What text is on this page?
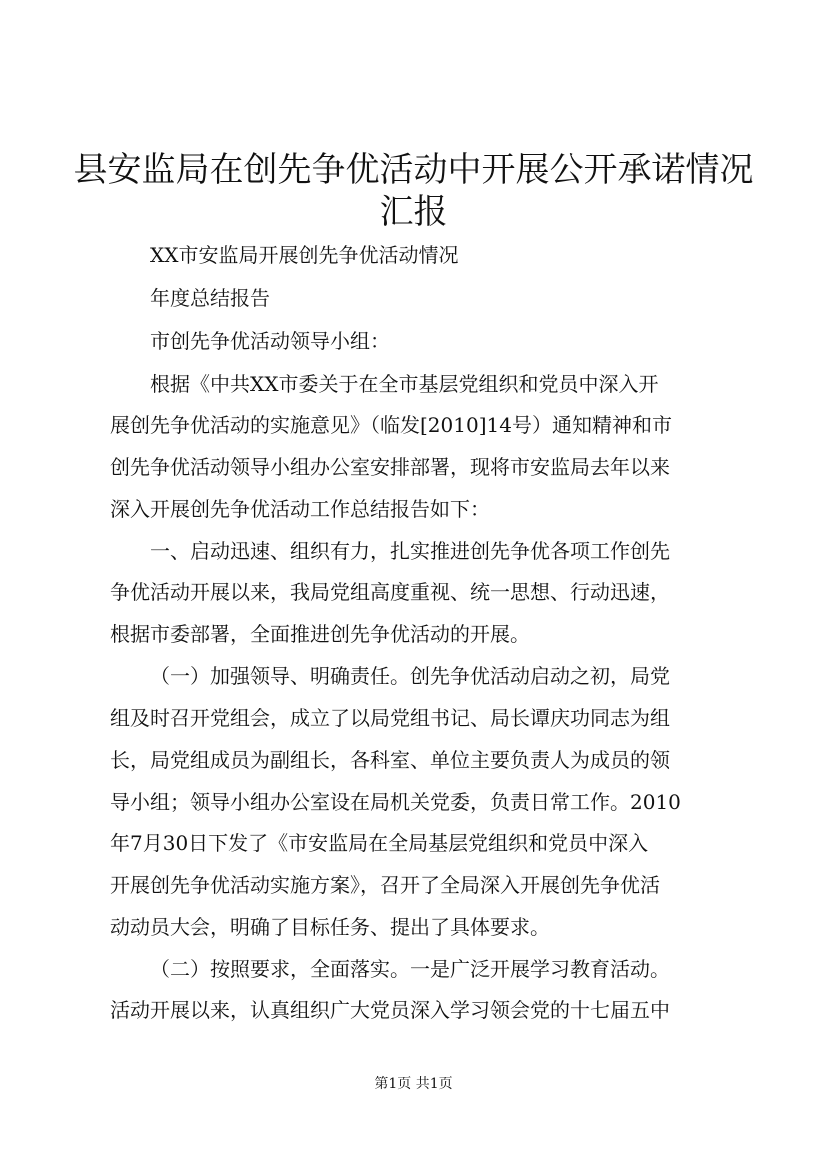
县安监局在创先争优活动中开展公开承诺情况
汇报
XX市安监局开展创先争优活动情况
年度总结报告
市创先争优活动领导小组：
根据《中共XX市委关于在全市基层党组织和党员中深入开
展创先争优活动的实施意见》（临发[2010]14号）通知精神和市
创先争优活动领导小组办公室安排部署，现将市安监局去年以来
深入开展创先争优活动工作总结报告如下：
一、启动迅速、组织有力，扎实推进创先争优各项工作创先
争优活动开展以来，我局党组高度重视、统一思想、行动迅速，
根据市委部署，全面推进创先争优活动的开展。
（一）加强领导、明确责任。创先争优活动启动之初，局党
组及时召开党组会，成立了以局党组书记、局长谭庆功同志为组
长，局党组成员为副组长，各科室、单位主要负责人为成员的领
导小组；领导小组办公室设在局机关党委，负责日常工作。2010
年7月30日下发了《市安监局在全局基层党组织和党员中深入
开展创先争优活动实施方案》，召开了全局深入开展创先争优活
动动员大会，明确了目标任务、提出了具体要求。
（二）按照要求，全面落实。一是广泛开展学习教育活动。
活动开展以来，认真组织广大党员深入学习领会党的十七届五中
第1页 共1页
